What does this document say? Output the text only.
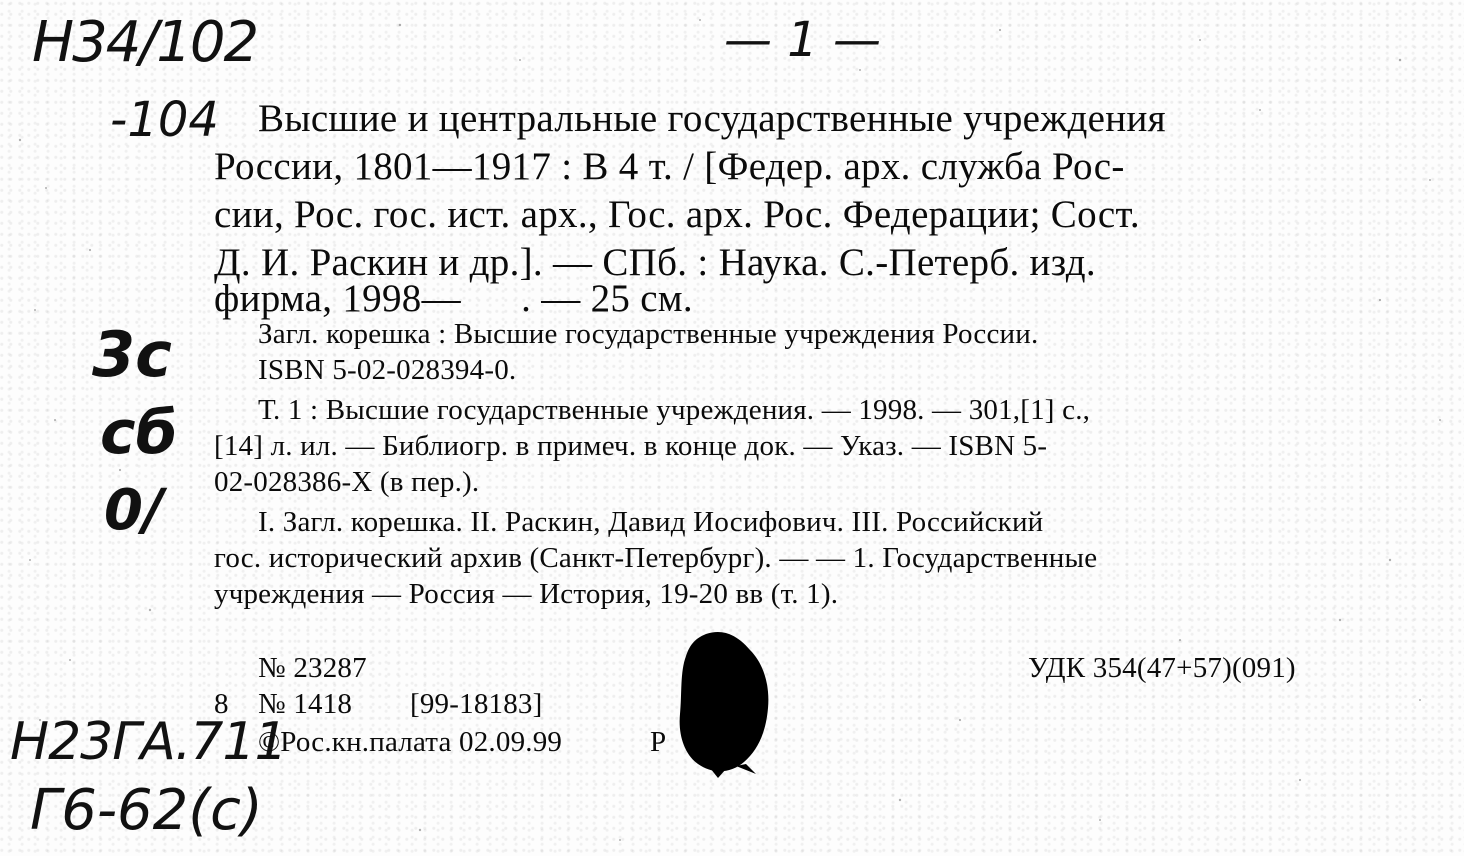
Н34/102
-104
3с
сб
0/
Н23ГА.711
Г6-62(с)
— 1 —
Высшие и центральные государственные учреждения
России, 1801—1917 : В 4 т. / [Федер. арх. служба Рос-
сии, Рос. гос. ист. арх., Гос. арх. Рос. Федерации; Сост.
Д. И. Раскин и др.]. — СПб. : Наука. С.-Петерб. изд.
фирма, 1998—      . — 25 см.
Загл. корешка : Высшие государственные учреждения России.
ISBN 5-02-028394-0.
Т. 1 : Высшие государственные учреждения. — 1998. — 301,[1] с.,
[14] л. ил. — Библиогр. в примеч. в конце док. — Указ. — ISBN 5-
02-028386-Х (в пер.).
I. Загл. корешка. II. Раскин, Давид Иосифович. III. Российский
гос. исторический архив (Санкт-Петербург). — — 1. Государственные
учреждения — Россия — История, 19-20 вв (т. 1).
№ 23287
8 № 1418 [99-18183]
©Рос.кн.палата 02.09.99	Р
УДК 354(47+57)(091)
